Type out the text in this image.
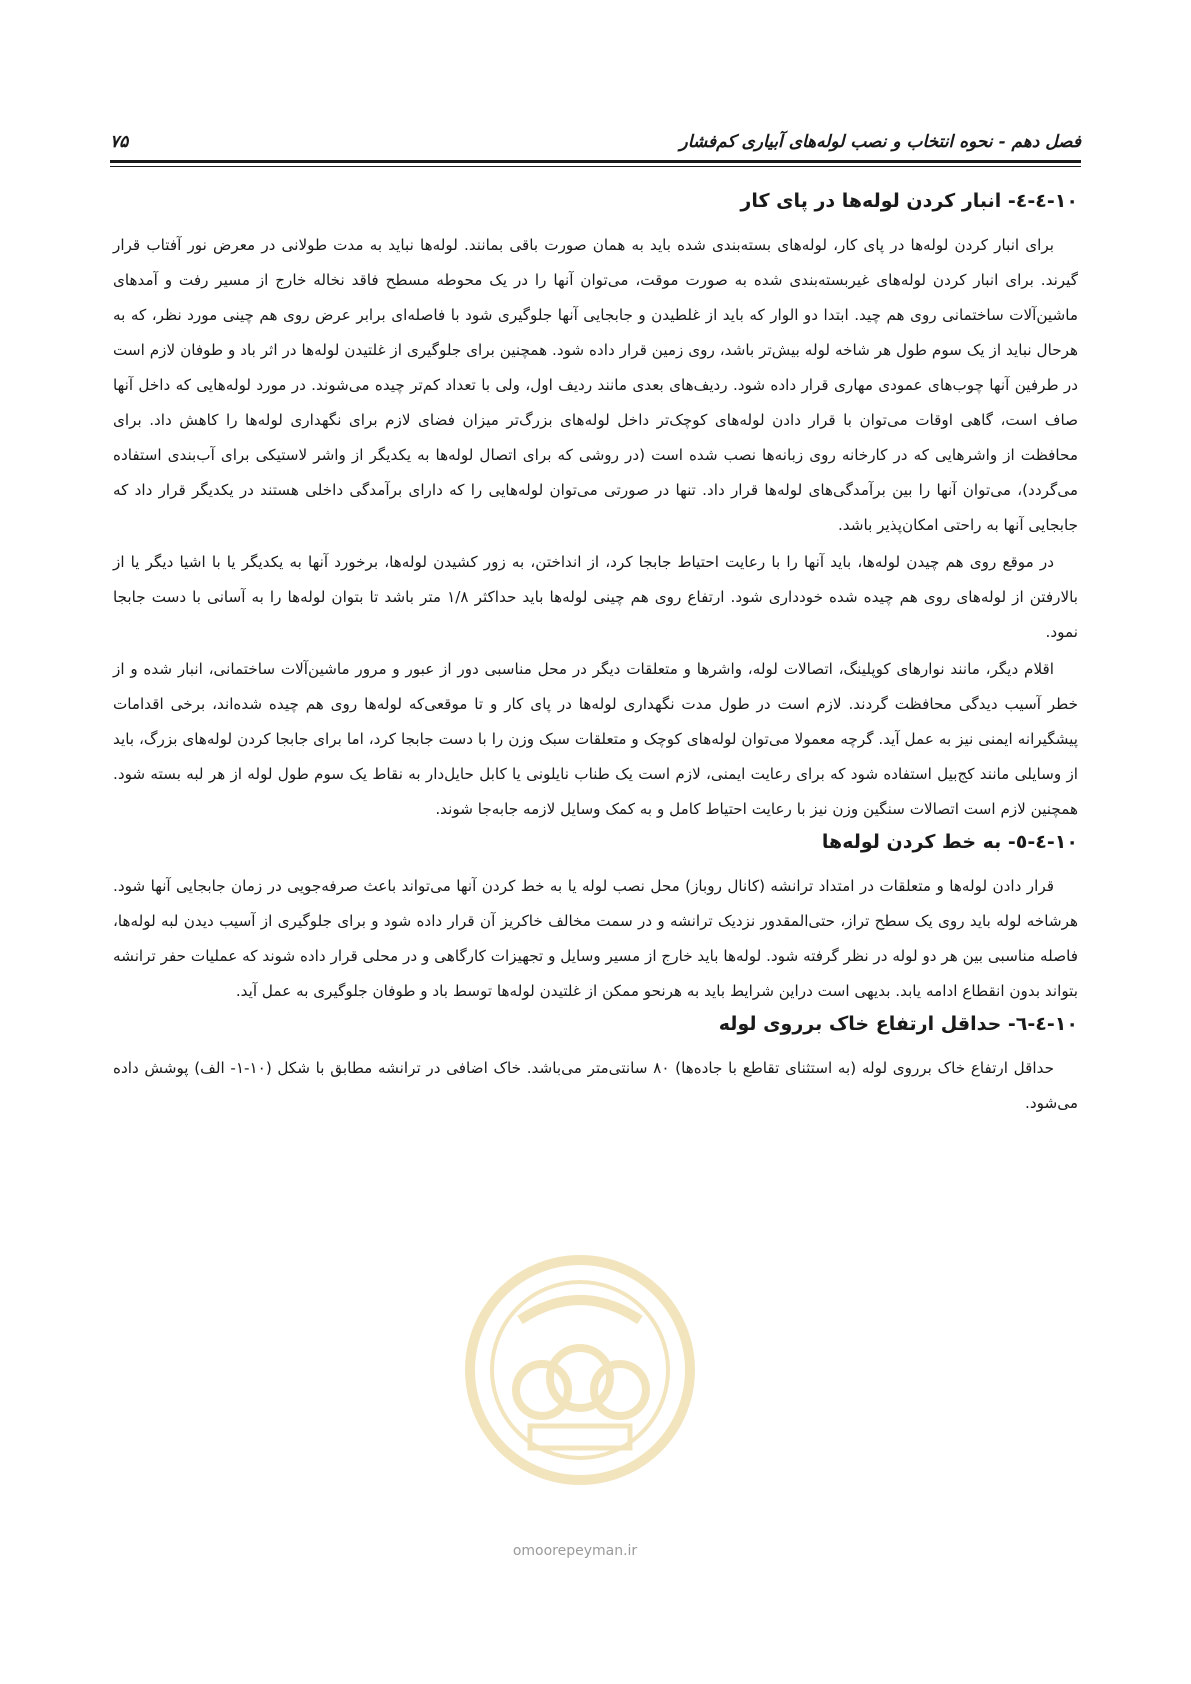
فصل دهم - نحوه انتخاب و نصب لوله‌های آبیاری کم‌فشار
۷۵
۱۰-٤-٤- انبار کردن لوله‌ها در پای کار

برای انبار کردن لوله‌ها در پای کار، لوله‌های بسته‌بندی شده باید به همان صورت باقی بمانند. لوله‌ها نباید به مدت طولانی در معرض نور آفتاب قرار گیرند. برای انبار کردن لوله‌های غیربسته‌بندی شده به صورت موقت، می‌توان آنها را در یک محوطه مسطح فاقد نخاله خارج از مسیر رفت و آمدهای ماشین‌آلات ساختمانی روی هم چید. ابتدا دو الوار که باید از غلطیدن و جابجایی آنها جلوگیری شود با فاصله‌ای برابر عرض روی هم چینی مورد نظر، که به هرحال نباید از یک سوم طول هر شاخه لوله بیش‌تر باشد، روی زمین قرار داده شود. همچنین برای جلوگیری از غلتیدن لوله‌ها در اثر باد و طوفان لازم است در طرفین آنها چوب‌های عمودی مهاری قرار داده شود. ردیف‌های بعدی مانند ردیف اول، ولی با تعداد کم‌تر چیده می‌شوند. در مورد لوله‌هایی که داخل آنها صاف است، گاهی اوقات می‌توان با قرار دادن لوله‌های کوچک‌تر داخل لوله‌های بزرگ‌تر میزان فضای لازم برای نگهداری لوله‌ها را کاهش داد. برای محافظت از واشرهایی که در کارخانه روی زبانه‌ها نصب شده است (در روشی که برای اتصال لوله‌ها به یکدیگر از واشر لاستیکی برای آب‌بندی استفاده می‌گردد)، می‌توان آنها را بین برآمدگی‌های لوله‌ها قرار داد. تنها در صورتی می‌توان لوله‌هایی را که دارای برآمدگی داخلی هستند در یکدیگر قرار داد که جابجایی آنها به راحتی امکان‌پذیر باشد.

در موقع روی هم چیدن لوله‌ها، باید آنها را با رعایت احتیاط جابجا کرد، از انداختن، به زور کشیدن لوله‌ها، برخورد آنها به یکدیگر یا با اشیا دیگر یا از بالارفتن از لوله‌های روی هم چیده شده خودداری شود. ارتفاع روی هم چینی لوله‌ها باید حداکثر ۱/۸ متر باشد تا بتوان لوله‌ها را به آسانی با دست جابجا نمود.

اقلام دیگر، مانند نوارهای کوپلینگ، اتصالات لوله، واشرها و متعلقات دیگر در محل مناسبی دور از عبور و مرور ماشین‌آلات ساختمانی، انبار شده و از خطر آسیب دیدگی محافظت گردند. لازم است در طول مدت نگهداری لوله‌ها در پای کار و تا موقعی‌که لوله‌ها روی هم چیده شده‌اند، برخی اقدامات پیشگیرانه ایمنی نیز به عمل آید. گرچه معمولا می‌توان لوله‌های کوچک و متعلقات سبک وزن را با دست جابجا کرد، اما برای جابجا کردن لوله‌های بزرگ، باید از وسایلی مانند کج‌بیل استفاده شود که برای رعایت ایمنی، لازم است یک طناب نایلونی یا کابل حایل‌دار به نقاط یک سوم طول لوله از هر لبه بسته شود. همچنین لازم است اتصالات سنگین وزن نیز با رعایت احتیاط کامل و به کمک وسایل لازمه جابه‌جا شوند.

۱۰-٤-٥- به خط کردن لوله‌ها

قرار دادن لوله‌ها و متعلقات در امتداد ترانشه (کانال روباز) محل نصب لوله یا به خط کردن آنها می‌تواند باعث صرفه‌جویی در زمان جابجایی آنها شود. هرشاخه لوله باید روی یک سطح تراز، حتی‌المقدور نزدیک ترانشه و در سمت مخالف خاکریز آن قرار داده شود و برای جلوگیری از آسیب دیدن لبه لوله‌ها، فاصله مناسبی بین هر دو لوله در نظر گرفته شود. لوله‌ها باید خارج از مسیر وسایل و تجهیزات کارگاهی و در محلی قرار داده شوند که عملیات حفر ترانشه بتواند بدون انقطاع ادامه یابد. بدیهی است دراین شرایط باید به هرنحو ممکن از غلتیدن لوله‌ها توسط باد و طوفان جلوگیری به عمل آید.

۱۰-٤-٦- حداقل ارتفاع خاک برروی لوله

حداقل ارتفاع خاک برروی لوله (به استثنای تقاطع با جاده‌ها) ۸۰ سانتی‌متر می‌باشد. خاک اضافی در ترانشه مطابق با شکل (۱۰-۱- الف) پوشش داده می‌شود.

omoorepeyman.ir
